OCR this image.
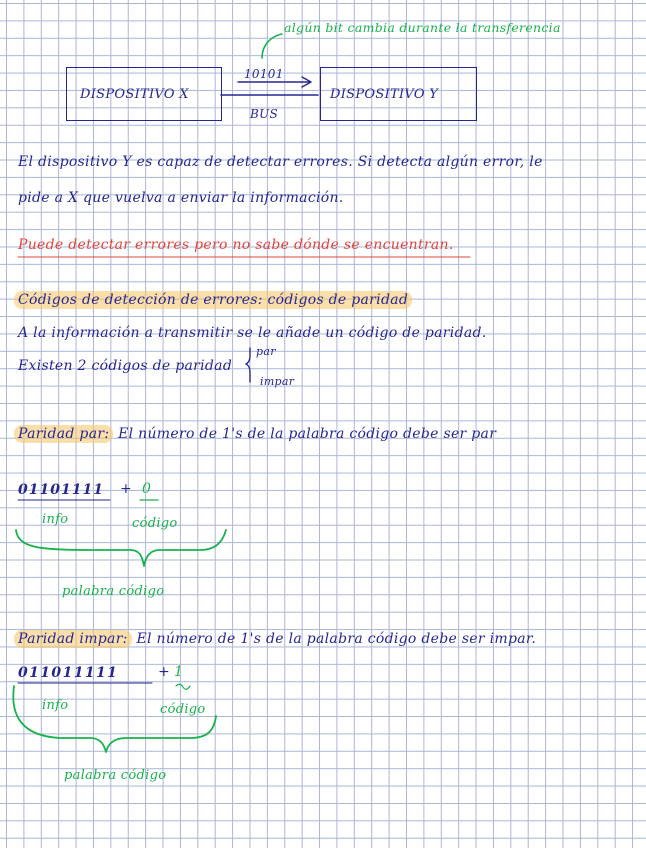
algún bit cambia durante la transferencia
DISPOSITIVO X	DISPOSITIVO Y
10101
BUS
El dispositivo Y es capaz de detectar errores. Si detecta algún error, le
pide a X que vuelva a enviar la información.
Puede detectar errores pero no sabe dónde se encuentran.
Códigos de detección de errores: códigos de paridad
A la información a transmitir se le añade un código de paridad.
Existen 2 códigos de paridad
par
impar
Paridad par: El número de 1's de la palabra código debe ser par
01101111 + 0
info	código
palabra código
Paridad impar: El número de 1's de la palabra código debe ser impar.
011011111	+ 1
info	código
palabra código
